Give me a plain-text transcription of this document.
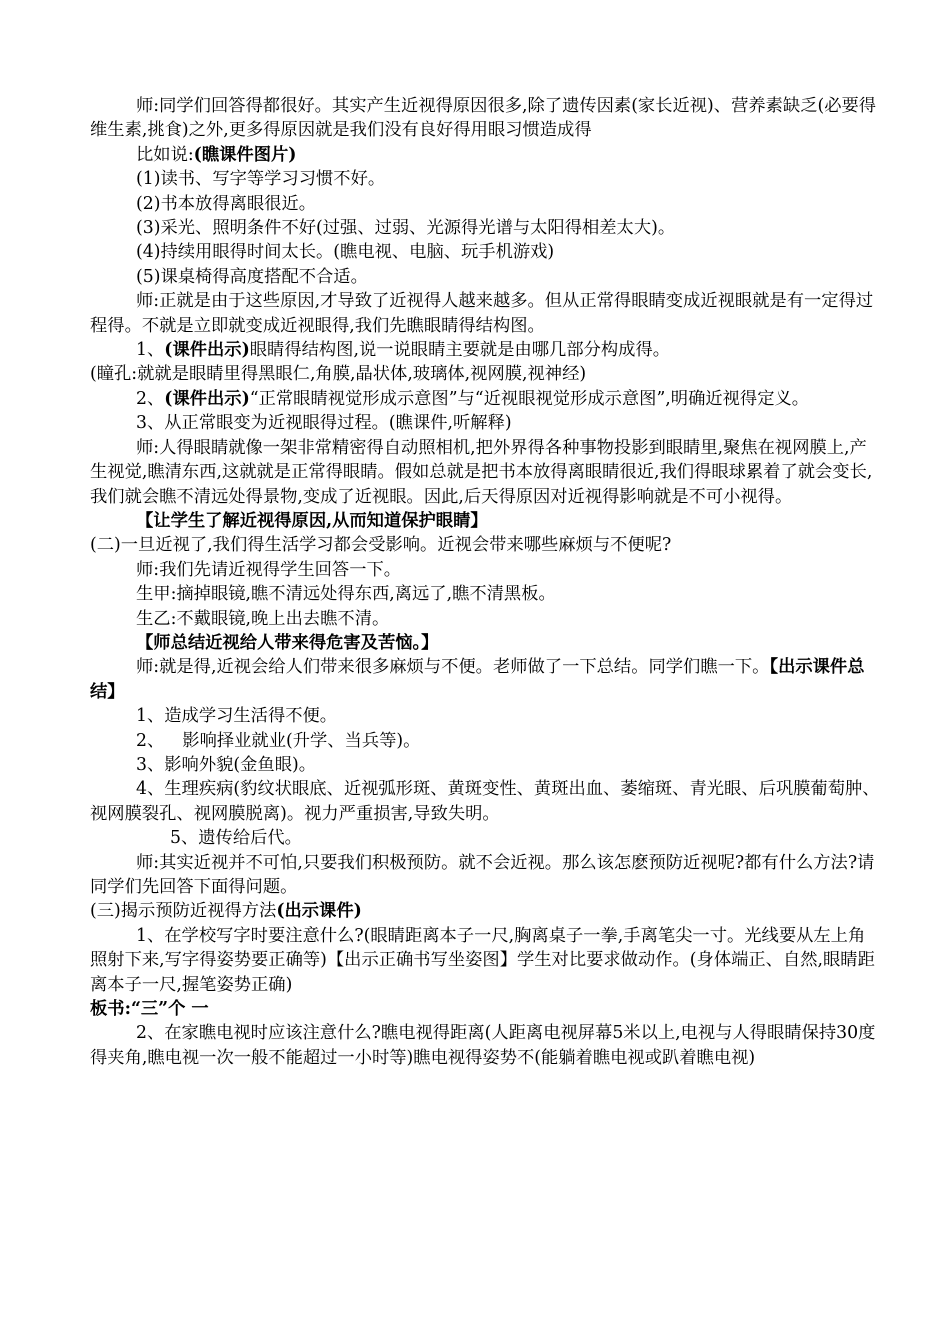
师:同学们回答得都很好。其实产生近视得原因很多,除了遗传因素(家长近视)、营养素缺乏(必要得维生素,挑食)之外,更多得原因就是我们没有良好得用眼习惯造成得

比如说:(瞧课件图片)

(1)读书、写字等学习习惯不好。

(2)书本放得离眼很近。

(3)采光、照明条件不好(过强、过弱、光源得光谱与太阳得相差太大)。

(4)持续用眼得时间太长。(瞧电视、电脑、玩手机游戏)

(5)课桌椅得高度搭配不合适。

师:正就是由于这些原因,才导致了近视得人越来越多。但从正常得眼睛变成近视眼就是有一定得过程得。不就是立即就变成近视眼得,我们先瞧眼睛得结构图。

1、(课件出示)眼睛得结构图,说一说眼睛主要就是由哪几部分构成得。

(瞳孔:就就是眼睛里得黑眼仁,角膜,晶状体,玻璃体,视网膜,视神经)

2、(课件出示)“正常眼睛视觉形成示意图”与“近视眼视觉形成示意图”,明确近视得定义。

3、从正常眼变为近视眼得过程。(瞧课件,听解释)

师:人得眼睛就像一架非常精密得自动照相机,把外界得各种事物投影到眼睛里,聚焦在视网膜上,产生视觉,瞧清东西,这就就是正常得眼睛。假如总就是把书本放得离眼睛很近,我们得眼球累着了就会变长,我们就会瞧不清远处得景物,变成了近视眼。因此,后天得原因对近视得影响就是不可小视得。

【让学生了解近视得原因,从而知道保护眼睛】

(二)一旦近视了,我们得生活学习都会受影响。近视会带来哪些麻烦与不便呢?

师:我们先请近视得学生回答一下。

生甲:摘掉眼镜,瞧不清远处得东西,离远了,瞧不清黑板。

生乙:不戴眼镜,晚上出去瞧不清。

【师总结近视给人带来得危害及苦恼。】

师:就是得,近视会给人们带来很多麻烦与不便。老师做了一下总结。同学们瞧一下。【出示课件总结】

1、造成学习生活得不便。

2、 影响择业就业(升学、当兵等)。

3、影响外貌(金鱼眼)。

4、生理疾病(豹纹状眼底、近视弧形斑、黄斑变性、黄斑出血、萎缩斑、青光眼、后巩膜葡萄肿、视网膜裂孔、视网膜脱离)。视力严重损害,导致失明。

5、遗传给后代。

师:其实近视并不可怕,只要我们积极预防。就不会近视。那么该怎麽预防近视呢?都有什么方法?请同学们先回答下面得问题。

(三)揭示预防近视得方法(出示课件)

1、在学校写字时要注意什么?(眼睛距离本子一尺,胸离桌子一拳,手离笔尖一寸。光线要从左上角照射下来,写字得姿势要正确等)【出示正确书写坐姿图】学生对比要求做动作。(身体端正、自然,眼睛距离本子一尺,握笔姿势正确)

板书:“三”个 一

2、在家瞧电视时应该注意什么?瞧电视得距离(人距离电视屏幕5米以上,电视与人得眼睛保持30度得夹角,瞧电视一次一般不能超过一小时等)瞧电视得姿势不(能躺着瞧电视或趴着瞧电视)
